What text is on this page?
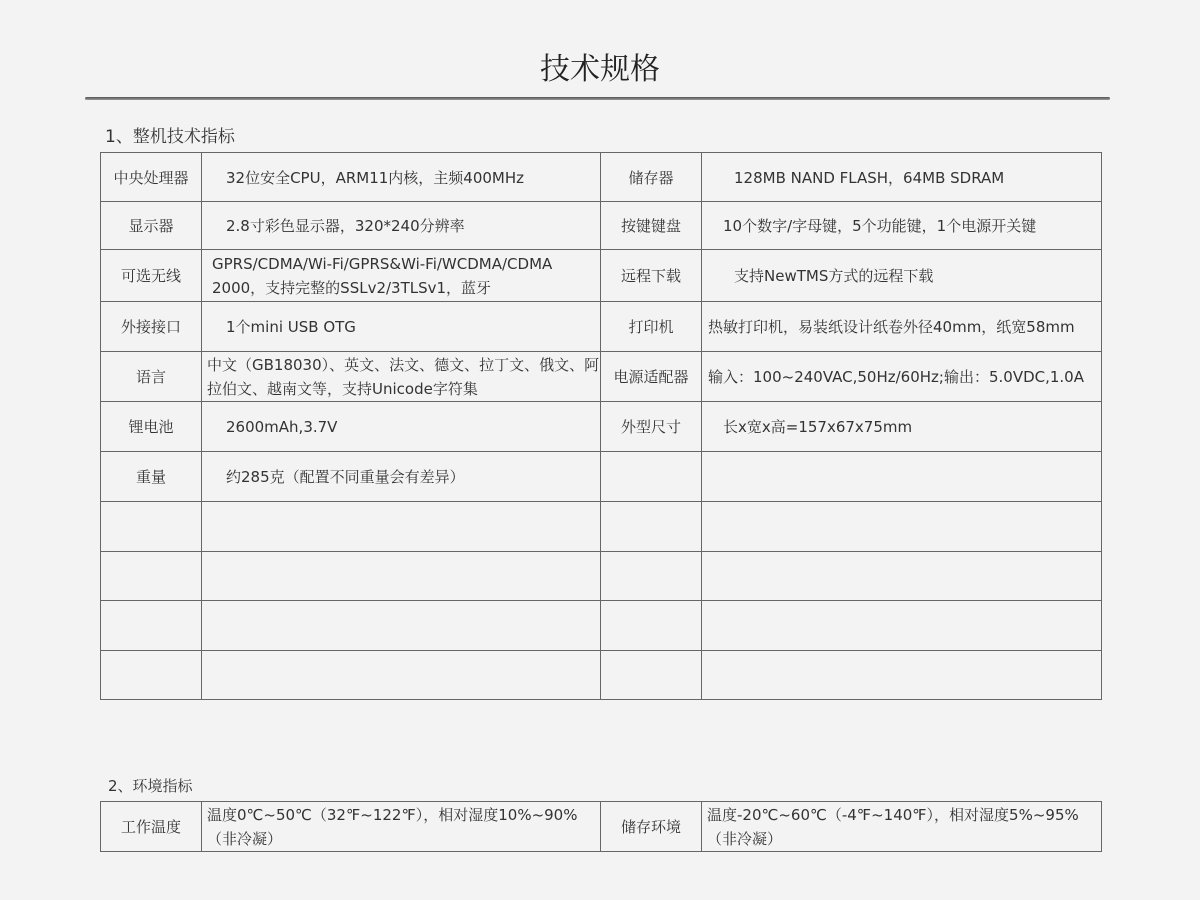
技术规格
1、整机技术指标
中央处理器	32位安全CPU，ARM11内核，主频400MHz	储存器	128MB NAND FLASH，64MB SDRAM
显示器	2.8寸彩色显示器，320*240分辨率	按键键盘	10个数字/字母键，5个功能键，1个电源开关键
可选无线	GPRS/CDMA/Wi-Fi/GPRS&Wi-Fi/WCDMA/CDMA 2000，支持完整的SSLv2/3TLSv1，蓝牙	远程下载	支持NewTMS方式的远程下载
外接接口	1个mini USB OTG	打印机	热敏打印机，易装纸设计纸卷外径40mm，纸宽58mm
语言	中文（GB18030）、英文、法文、德文、拉丁文、俄文、阿拉伯文、越南文等，支持Unicode字符集	电源适配器	输入：100~240VAC,50Hz/60Hz;输出：5.0VDC,1.0A
锂电池	2600mAh,3.7V	外型尺寸	长x宽x高=157x67x75mm
重量	约285克（配置不同重量会有差异）		

2、环境指标
工作温度	温度0℃~50℃（32℉~122℉），相对湿度10%~90%（非冷凝）	储存环境	温度-20℃~60℃（-4℉~140℉），相对湿度5%~95%（非冷凝）
